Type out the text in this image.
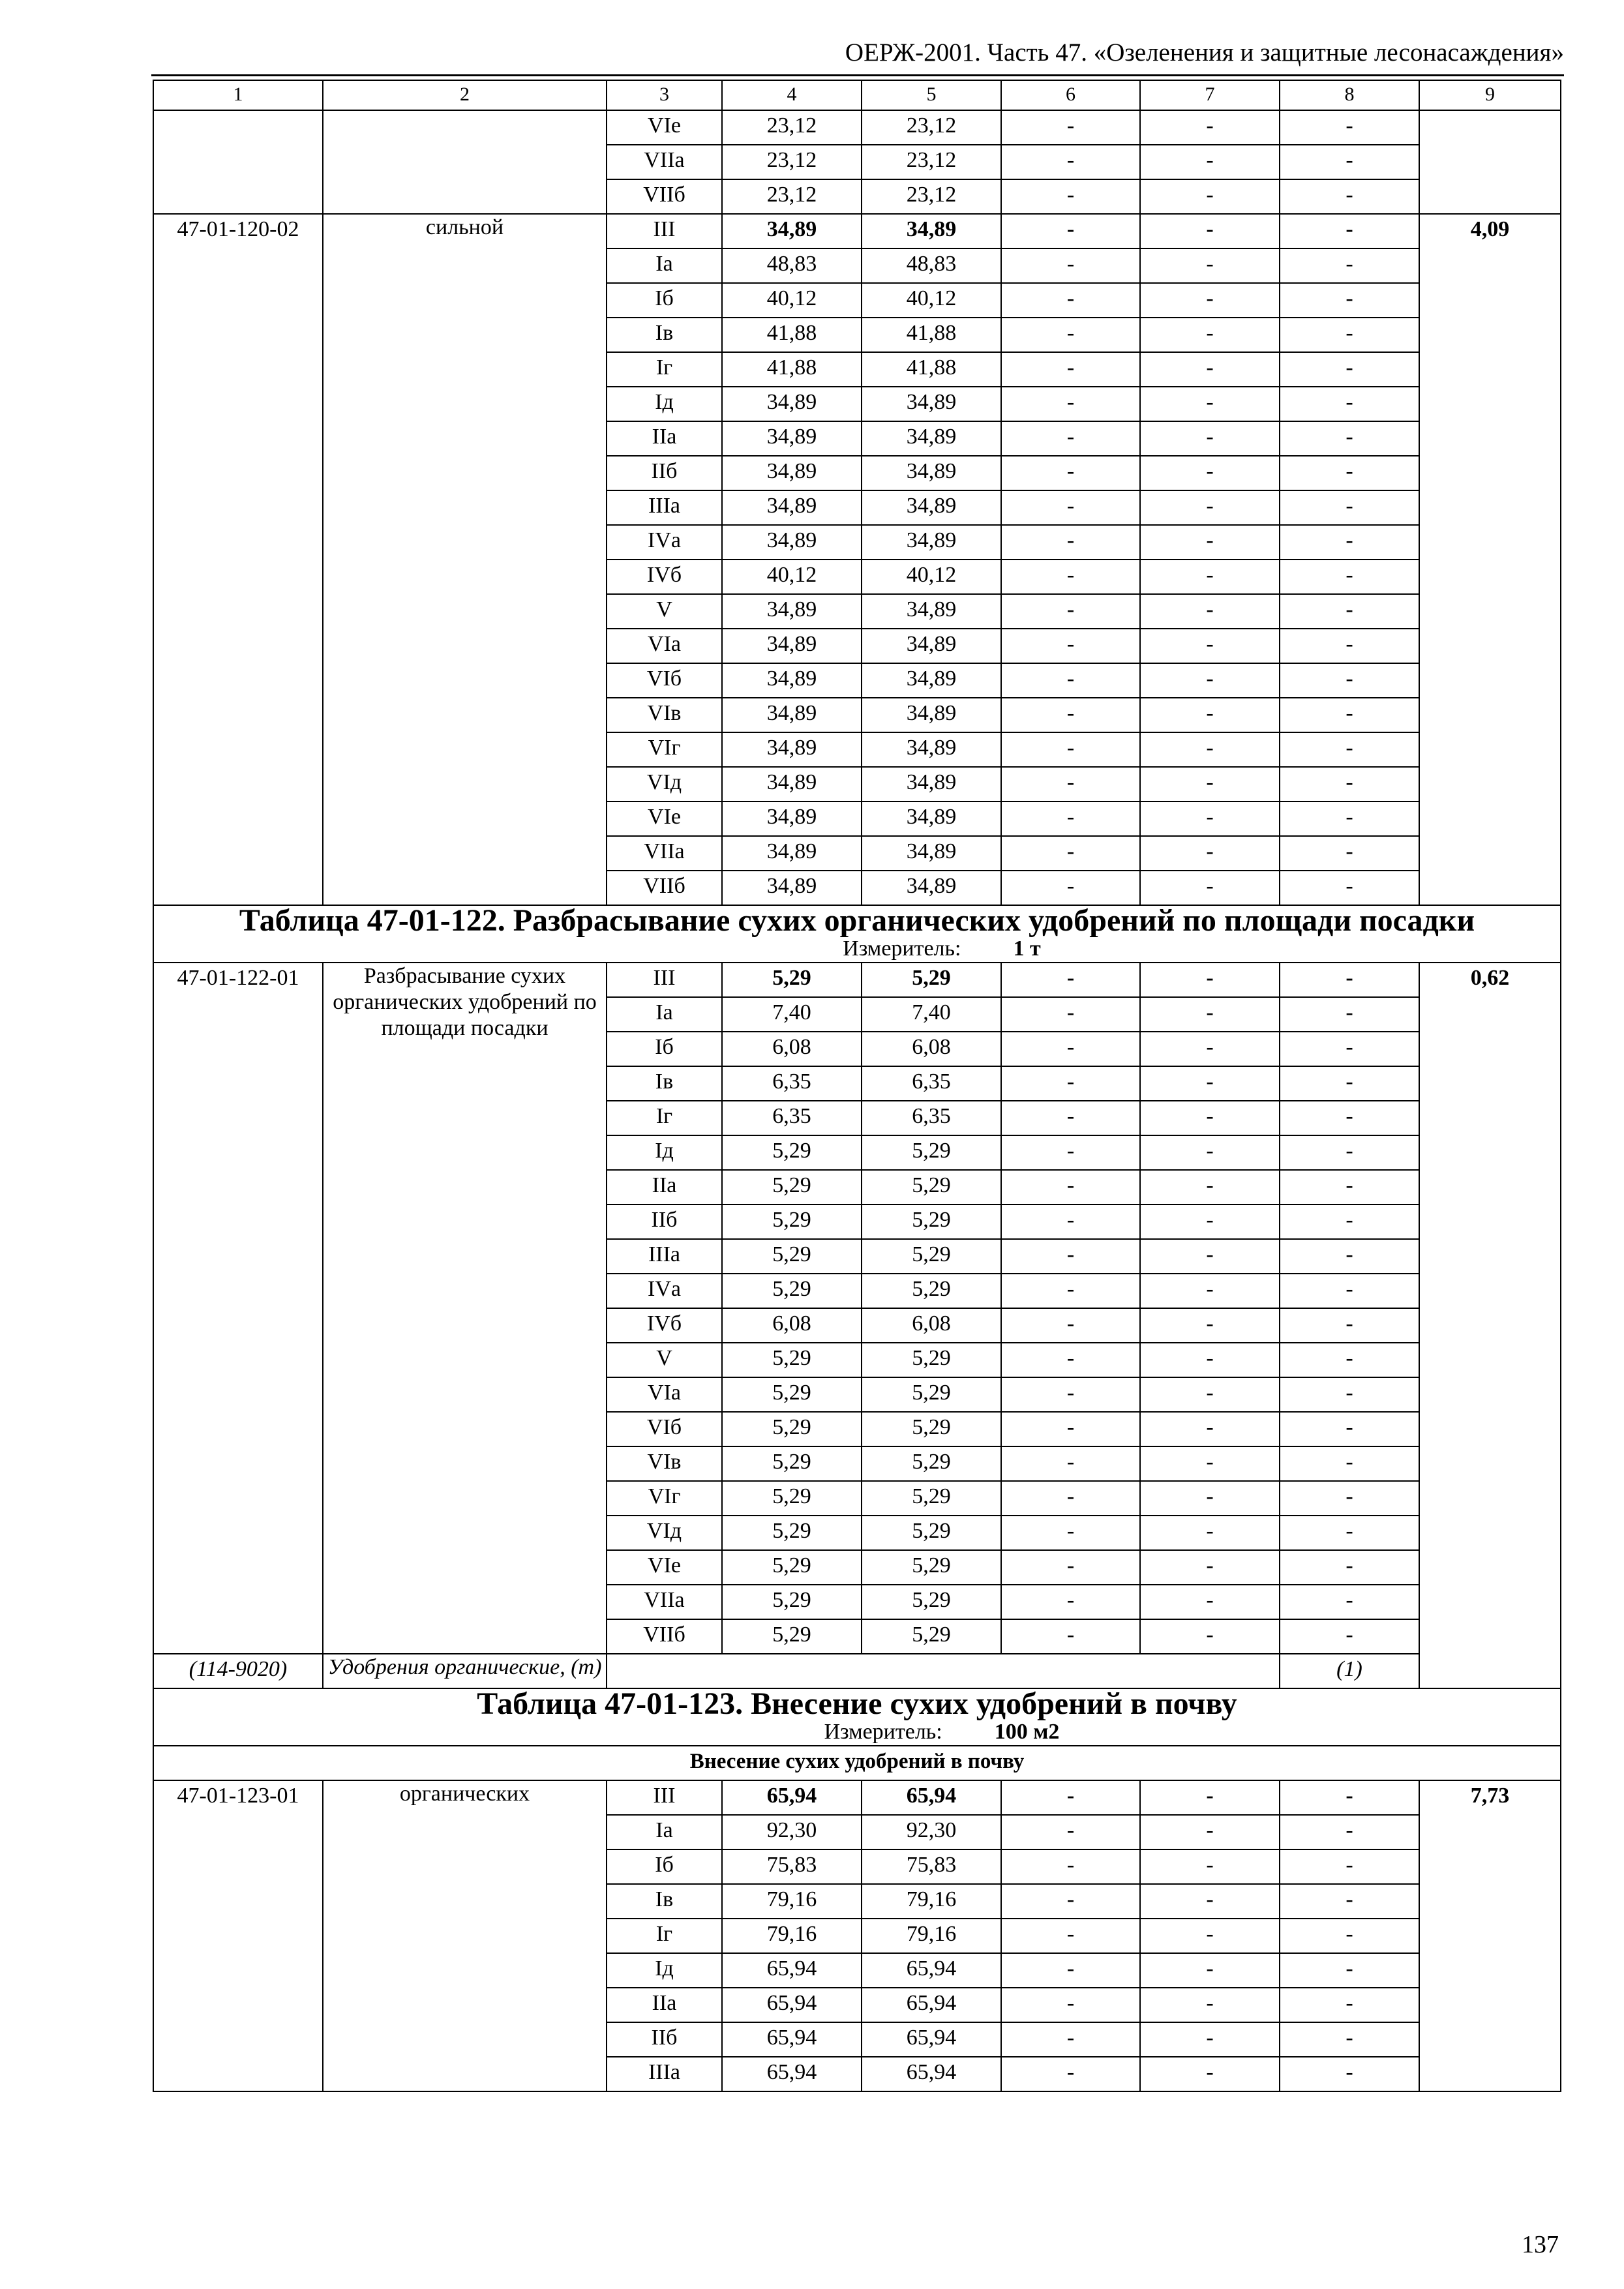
ОЕРЖ-2001. Часть 47. «Озеленения и защитные лесонасаждения»
1	2	3	4	5	6	7	8	9
		VIе	23,12	23,12	-	-	-	
		VIIа	23,12	23,12	-	-	-	
		VIIб	23,12	23,12	-	-	-	
47-01-120-02	сильной	III	34,89	34,89	-	-	-	4,09
		Iа	48,83	48,83	-	-	-	
		Iб	40,12	40,12	-	-	-	
		Iв	41,88	41,88	-	-	-	
		Iг	41,88	41,88	-	-	-	
		Iд	34,89	34,89	-	-	-	
		IIа	34,89	34,89	-	-	-	
		IIб	34,89	34,89	-	-	-	
		IIIа	34,89	34,89	-	-	-	
		IVа	34,89	34,89	-	-	-	
		IVб	40,12	40,12	-	-	-	
		V	34,89	34,89	-	-	-	
		VIа	34,89	34,89	-	-	-	
		VIб	34,89	34,89	-	-	-	
		VIв	34,89	34,89	-	-	-	
		VIг	34,89	34,89	-	-	-	
		VIд	34,89	34,89	-	-	-	
		VIе	34,89	34,89	-	-	-	
		VIIа	34,89	34,89	-	-	-	
		VIIб	34,89	34,89	-	-	-	
Таблица 47-01-122. Разбрасывание сухих органических удобрений по площади посадки
Измеритель: 1 т								

47-01-122-01	Разбрасывание сухих органических удобрений по площади посадки	III	5,29	5,29	-	-	-	0,62
		Iа	7,40	7,40	-	-	-	
		Iб	6,08	6,08	-	-	-	
		Iв	6,35	6,35	-	-	-	
		Iг	6,35	6,35	-	-	-	
		Iд	5,29	5,29	-	-	-	
		IIа	5,29	5,29	-	-	-	
		IIб	5,29	5,29	-	-	-	
		IIIа	5,29	5,29	-	-	-	
		IVа	5,29	5,29	-	-	-	
		IVб	6,08	6,08	-	-	-	
		V	5,29	5,29	-	-	-	
		VIа	5,29	5,29	-	-	-	
		VIб	5,29	5,29	-	-	-	
		VIв	5,29	5,29	-	-	-	
		VIг	5,29	5,29	-	-	-	
		VIд	5,29	5,29	-	-	-	
		VIе	5,29	5,29	-	-	-	
		VIIа	5,29	5,29	-	-	-	
		VIIб	5,29	5,29	-	-	-	
(114-9020)	Удобрения органические, (т)						(1)	
Таблица 47-01-123. Внесение сухих удобрений в почву
Измеритель: 100 м2								

Внесение сухих удобрений в почву								
47-01-123-01	органических	III	65,94	65,94	-	-	-	7,73
		Iа	92,30	92,30	-	-	-	
		Iб	75,83	75,83	-	-	-	
		Iв	79,16	79,16	-	-	-	
		Iг	79,16	79,16	-	-	-	
		Iд	65,94	65,94	-	-	-	
		IIа	65,94	65,94	-	-	-	
		IIб	65,94	65,94	-	-	-	
		IIIа	65,94	65,94	-	-	-	
137
